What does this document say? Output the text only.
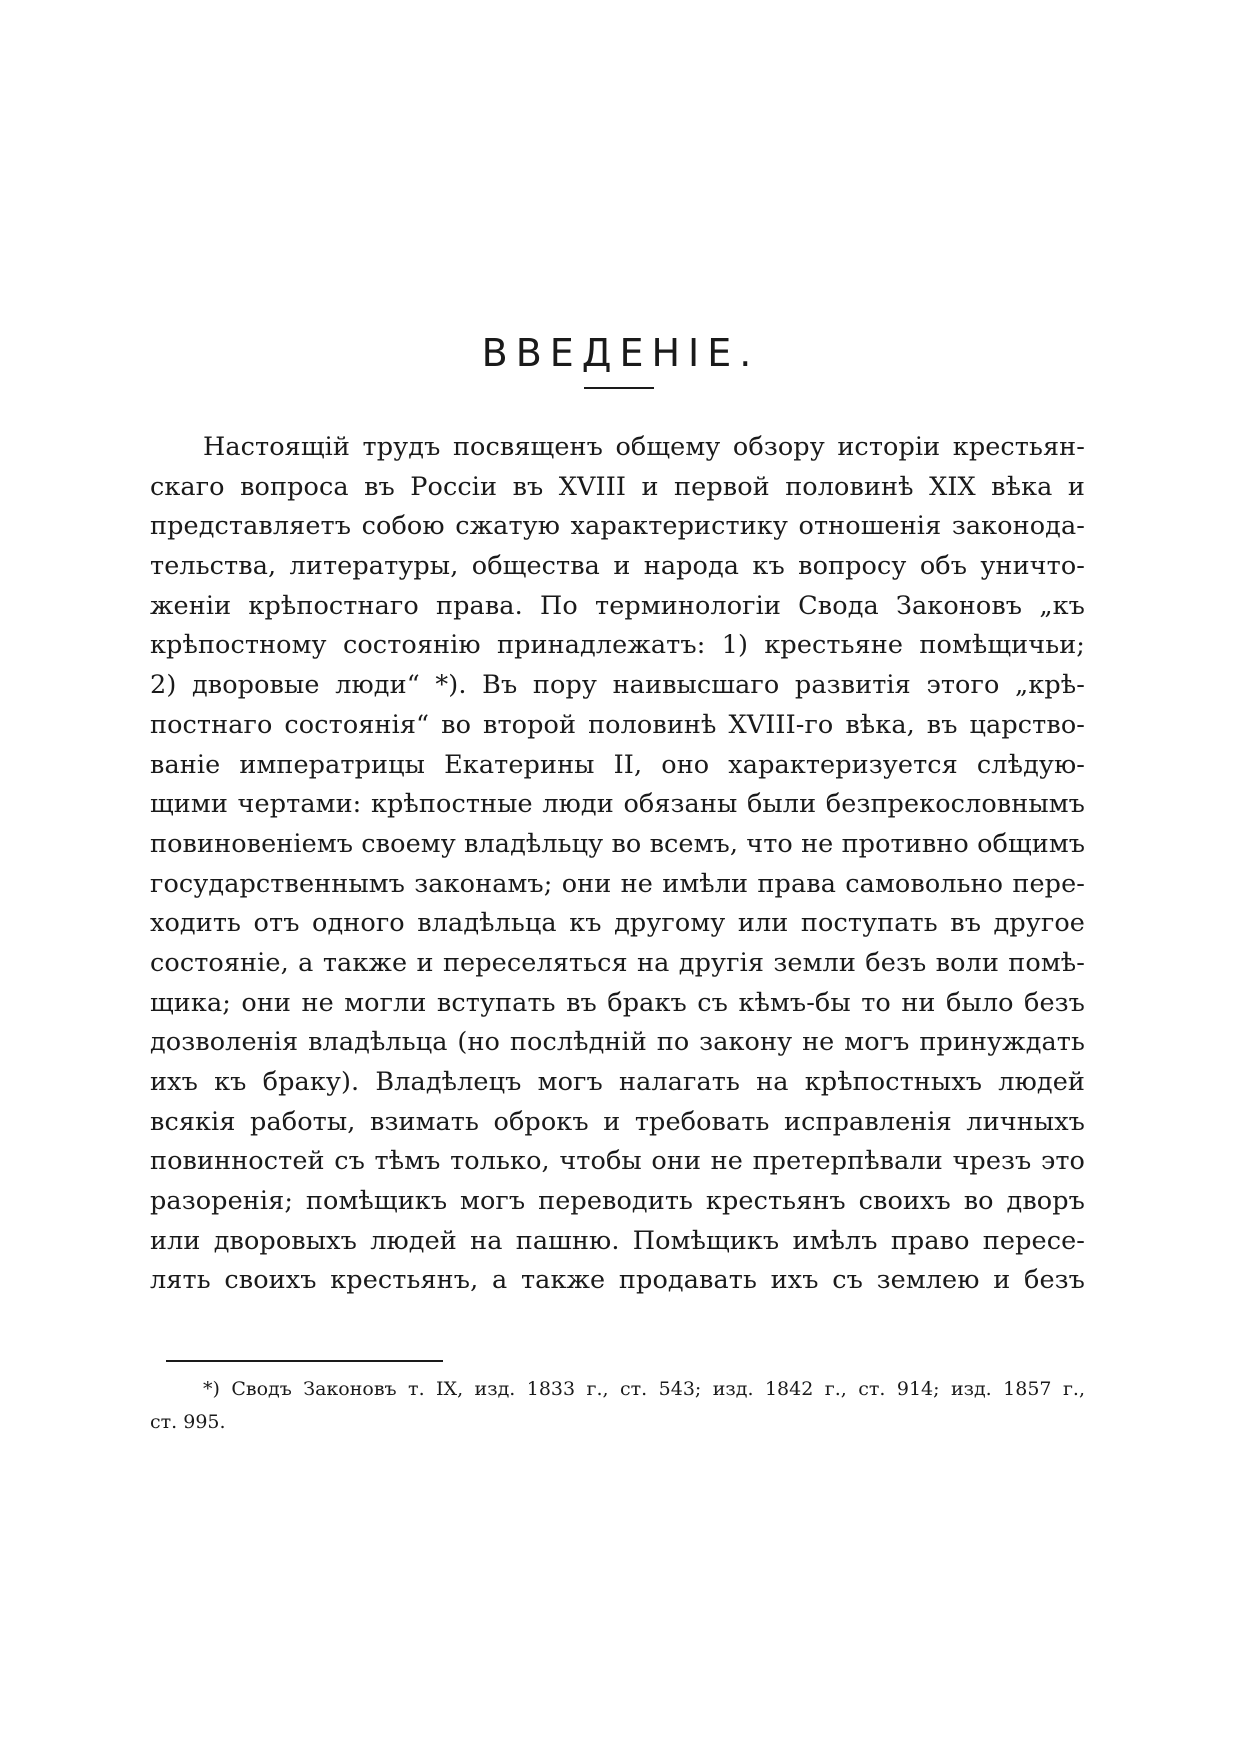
ВВЕДЕНІЕ.
Настоящій трудъ посвященъ общему обзору исторіи крестьян-
скаго вопроса въ Россіи въ XVIII и первой половинѣ XIX вѣка и
представляетъ собою сжатую характеристику отношенія законода-
тельства, литературы, общества и народа къ вопросу объ уничто-
женіи крѣпостнаго права. По терминологіи Свода Законовъ „къ
крѣпостному состоянію принадлежатъ: 1) крестьяне помѣщичьи;
2) дворовые люди“ *). Въ пору наивысшаго развитія этого „крѣ-
постнаго состоянія“ во второй половинѣ XVIII-го вѣка, въ царство-
ваніе императрицы Екатерины II, оно характеризуется слѣдую-
щими чертами: крѣпостные люди обязаны были безпрекословнымъ
повиновеніемъ своему владѣльцу во всемъ, что не противно общимъ
государственнымъ законамъ; они не имѣли права самовольно пере-
ходить отъ одного владѣльца къ другому или поступать въ другое
состояніе, а также и переселяться на другія земли безъ воли помѣ-
щика; они не могли вступать въ бракъ съ кѣмъ-бы то ни было безъ
дозволенія владѣльца (но послѣдній по закону не могъ принуждать
ихъ къ браку). Владѣлецъ могъ налагать на крѣпостныхъ людей
всякія работы, взимать оброкъ и требовать исправленія личныхъ
повинностей съ тѣмъ только, чтобы они не претерпѣвали чрезъ это
разоренія; помѣщикъ могъ переводить крестьянъ своихъ во дворъ
или дворовыхъ людей на пашню. Помѣщикъ имѣлъ право пересе-
лять своихъ крестьянъ, а также продавать ихъ съ землею и безъ
*) Сводъ Законовъ т. IX, изд. 1833 г., ст. 543; изд. 1842 г., ст. 914; изд. 1857 г.,
ст. 995.
